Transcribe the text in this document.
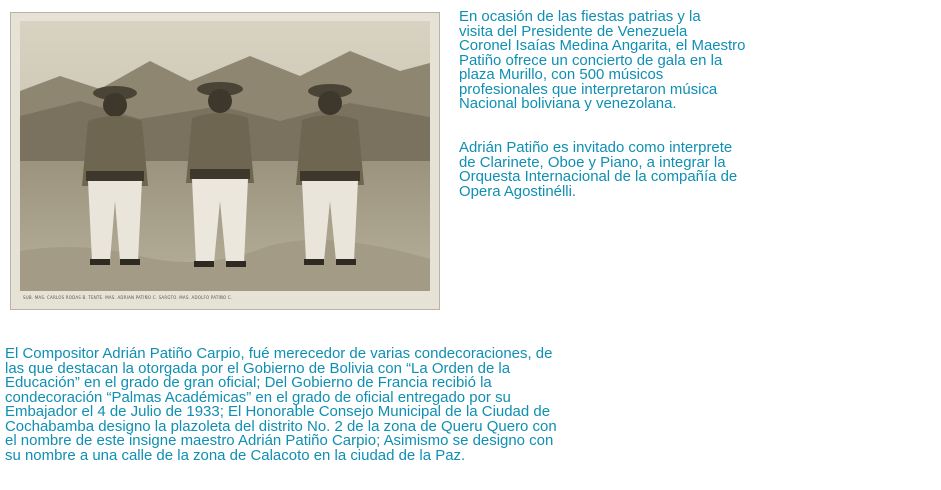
SUB. MAS. CARLOS RODAS B. TENTE. MAS. ADRIAN PATIÑO C. SARGTO. MAS. ADOLFO PATIÑO C.

En ocasión de las fiestas patrias y la
visita del Presidente de Venezuela
Coronel Isaías Medina Angarita, el Maestro
Patiño ofrece un concierto de gala en la
plaza Murillo, con 500 músicos
profesionales que interpretaron música
Nacional boliviana y venezolana.

Adrián Patiño es invitado como interprete
de Clarinete, Oboe y Piano, a integrar la
Orquesta Internacional de la compañía de
Opera Agostinélli.

El Compositor Adrián Patiño Carpio, fué merecedor de varias condecoraciones, de
las que destacan la otorgada por el Gobierno de Bolivia con “La Orden de la
Educación” en el grado de gran oficial; Del Gobierno de Francia recibió la
condecoración “Palmas Académicas” en el grado de oficial entregado por su
Embajador el 4 de Julio de 1933; El Honorable Consejo Municipal de la Ciudad de
Cochabamba designo la plazoleta del distrito No. 2 de la zona de Queru Quero con
el nombre de este insigne maestro Adrián Patiño Carpio; Asimismo se designo con
su nombre a una calle de la zona de Calacoto en la ciudad de la Paz.
